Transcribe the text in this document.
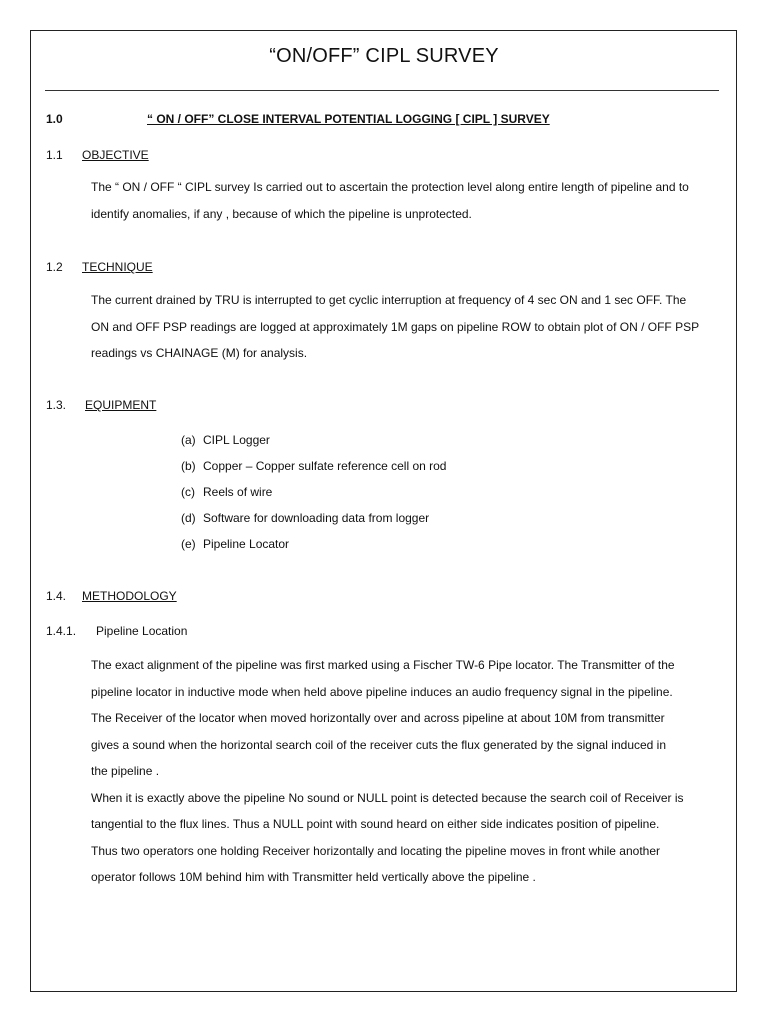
“ON/OFF” CIPL SURVEY
1.0	“ ON / OFF” CLOSE INTERVAL POTENTIAL LOGGING [ CIPL ] SURVEY
1.1 OBJECTIVE
The “ ON / OFF “ CIPL survey Is carried out to ascertain the protection level along entire length of pipeline and to
identify anomalies, if any , because of which the pipeline is unprotected.
1.2 TECHNIQUE
The current drained by TRU is interrupted to get cyclic interruption at frequency of 4 sec ON and 1 sec OFF. The
ON and OFF PSP readings are logged at approximately 1M gaps on pipeline ROW to obtain plot of ON / OFF PSP
readings vs CHAINAGE (M) for analysis.
1.3. EQUIPMENT
(a) CIPL Logger
(b) Copper – Copper sulfate reference cell on rod
(c) Reels of wire
(d) Software for downloading data from logger
(e) Pipeline Locator
1.4. METHODOLOGY
1.4.1. Pipeline Location
The exact alignment of the pipeline was first marked using a Fischer TW-6 Pipe locator. The Transmitter of the
pipeline locator in inductive mode when held above pipeline induces an audio frequency signal in the pipeline.
The Receiver of the locator when moved horizontally over and across pipeline at about 10M from transmitter
gives a sound when the horizontal search coil of the receiver cuts the flux generated by the signal induced in
the pipeline .
When it is exactly above the pipeline No sound or NULL point is detected because the search coil of Receiver is
tangential to the flux lines. Thus a NULL point with sound heard on either side indicates position of pipeline.
Thus two operators one holding Receiver horizontally and locating the pipeline moves in front while another
operator follows 10M behind him with Transmitter held vertically above the pipeline .
